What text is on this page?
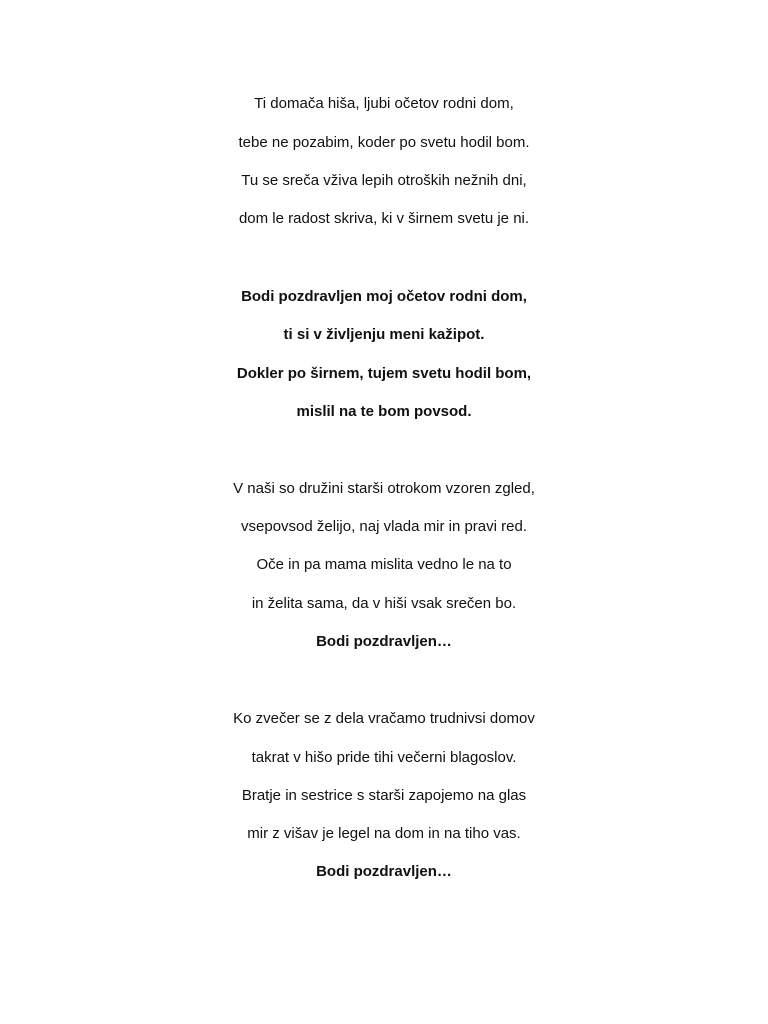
Ti domača hiša, ljubi očetov rodni dom,
tebe ne pozabim, koder po svetu hodil bom.
Tu se sreča vživa lepih otroških nežnih dni,
dom le radost skriva, ki v širnem svetu je ni.
Bodi pozdravljen moj očetov rodni dom,
ti si v življenju meni kažipot.
Dokler po širnem, tujem svetu hodil bom,
mislil na te bom povsod.
V naši so družini starši otrokom vzoren zgled,
vsepovsod želijo, naj vlada mir in pravi red.
Oče in pa mama mislita vedno le na to
in želita sama, da v hiši vsak srečen bo.
Bodi pozdravljen…
Ko zvečer se z dela vračamo trudnivsi domov
takrat v hišo pride tihi večerni blagoslov.
Bratje in sestrice s starši zapojemo na glas
mir z višav je legel na dom in na tiho vas.
Bodi pozdravljen…
